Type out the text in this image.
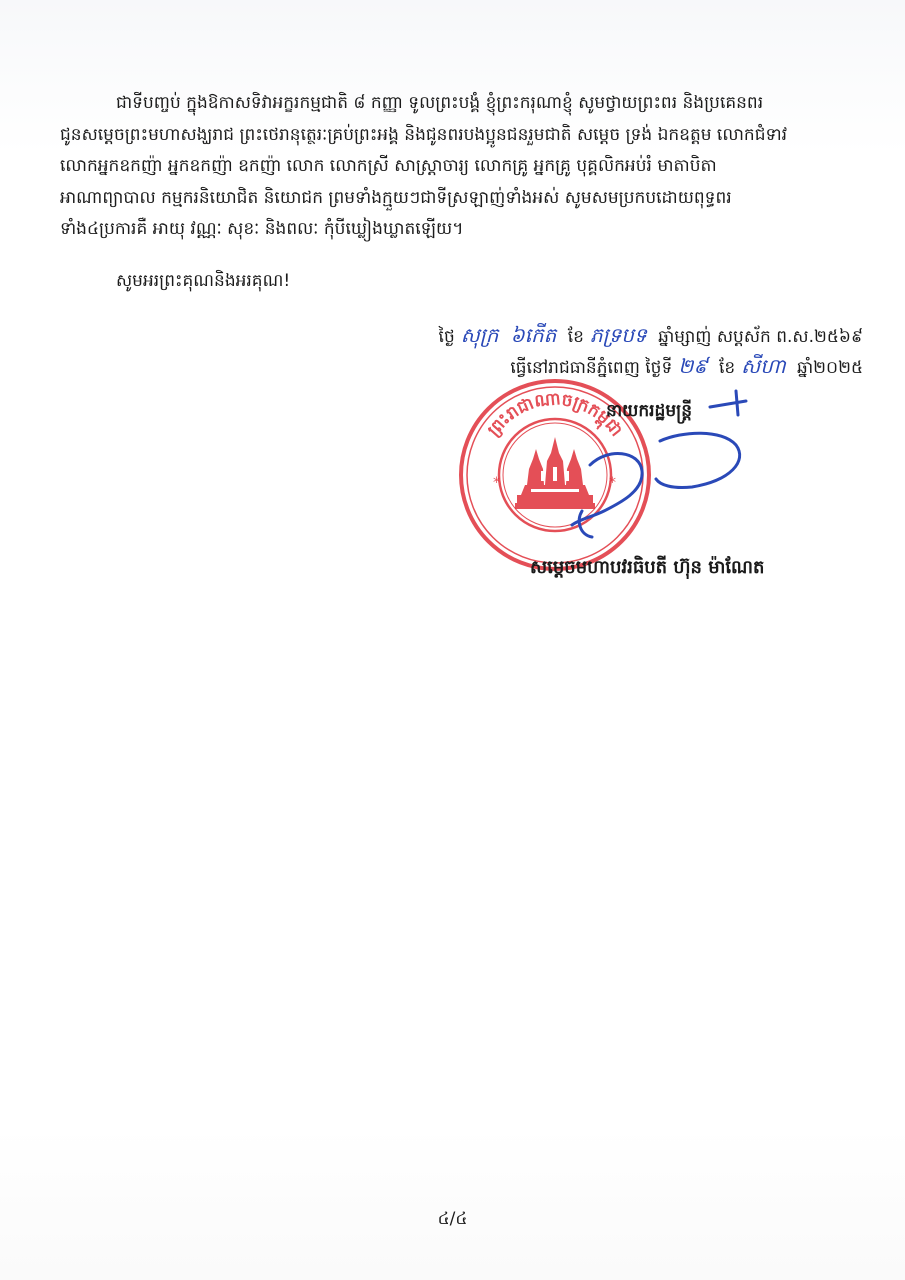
ជាទីបញ្ចប់ ក្នុងឱកាសទិវាអក្ខរកម្មជាតិ ៨ កញ្ញា ទូលព្រះបង្គំ ខ្ញុំព្រះករុណាខ្ញុំ សូមថ្វាយព្រះពរ និងប្រគេនពរ
ជូនសម្តេចព្រះមហាសង្ឃរាជ ព្រះថេរានុត្ថេរៈគ្រប់ព្រះអង្គ និងជូនពរបងប្អូនជនរួមជាតិ សម្តេច ទ្រង់ ឯកឧត្តម លោកជំទាវ
លោកអ្នកឧកញ៉ា អ្នកឧកញ៉ា ឧកញ៉ា លោក លោកស្រី សាស្ត្រាចារ្យ លោកគ្រូ អ្នកគ្រូ បុគ្គលិកអប់រំ មាតាបិតា
អាណាព្យាបាល កម្មករនិយោជិត និយោជក ព្រមទាំងក្មួយៗជាទីស្រឡាញ់ទាំងអស់ សូមសមប្រកបដោយពុទ្ធពរ
ទាំង៤ប្រការគឺ អាយុ វណ្ណៈ សុខៈ និងពលៈ កុំបីឃ្លៀងឃ្លាតឡើយ។
សូមអរព្រះគុណនិងអរគុណ!
ថ្ងៃ សុក្រ ៦កើត ខែ ភទ្របទ ឆ្នាំម្សាញ់ សប្តស័ក ព.ស.២៥៦៩
ធ្វើនៅរាជធានីភ្នំពេញ ថ្ងៃទី ២៩ ខែ សីហា ឆ្នាំ២០២៥
*	*
ព្រះរាជាណាចក្រកម្ពុជា
នាយករដ្ឋមន្ត្រី
សម្តេចមហាបវរធិបតី ហ៊ុន ម៉ាណែត
៤/៤
